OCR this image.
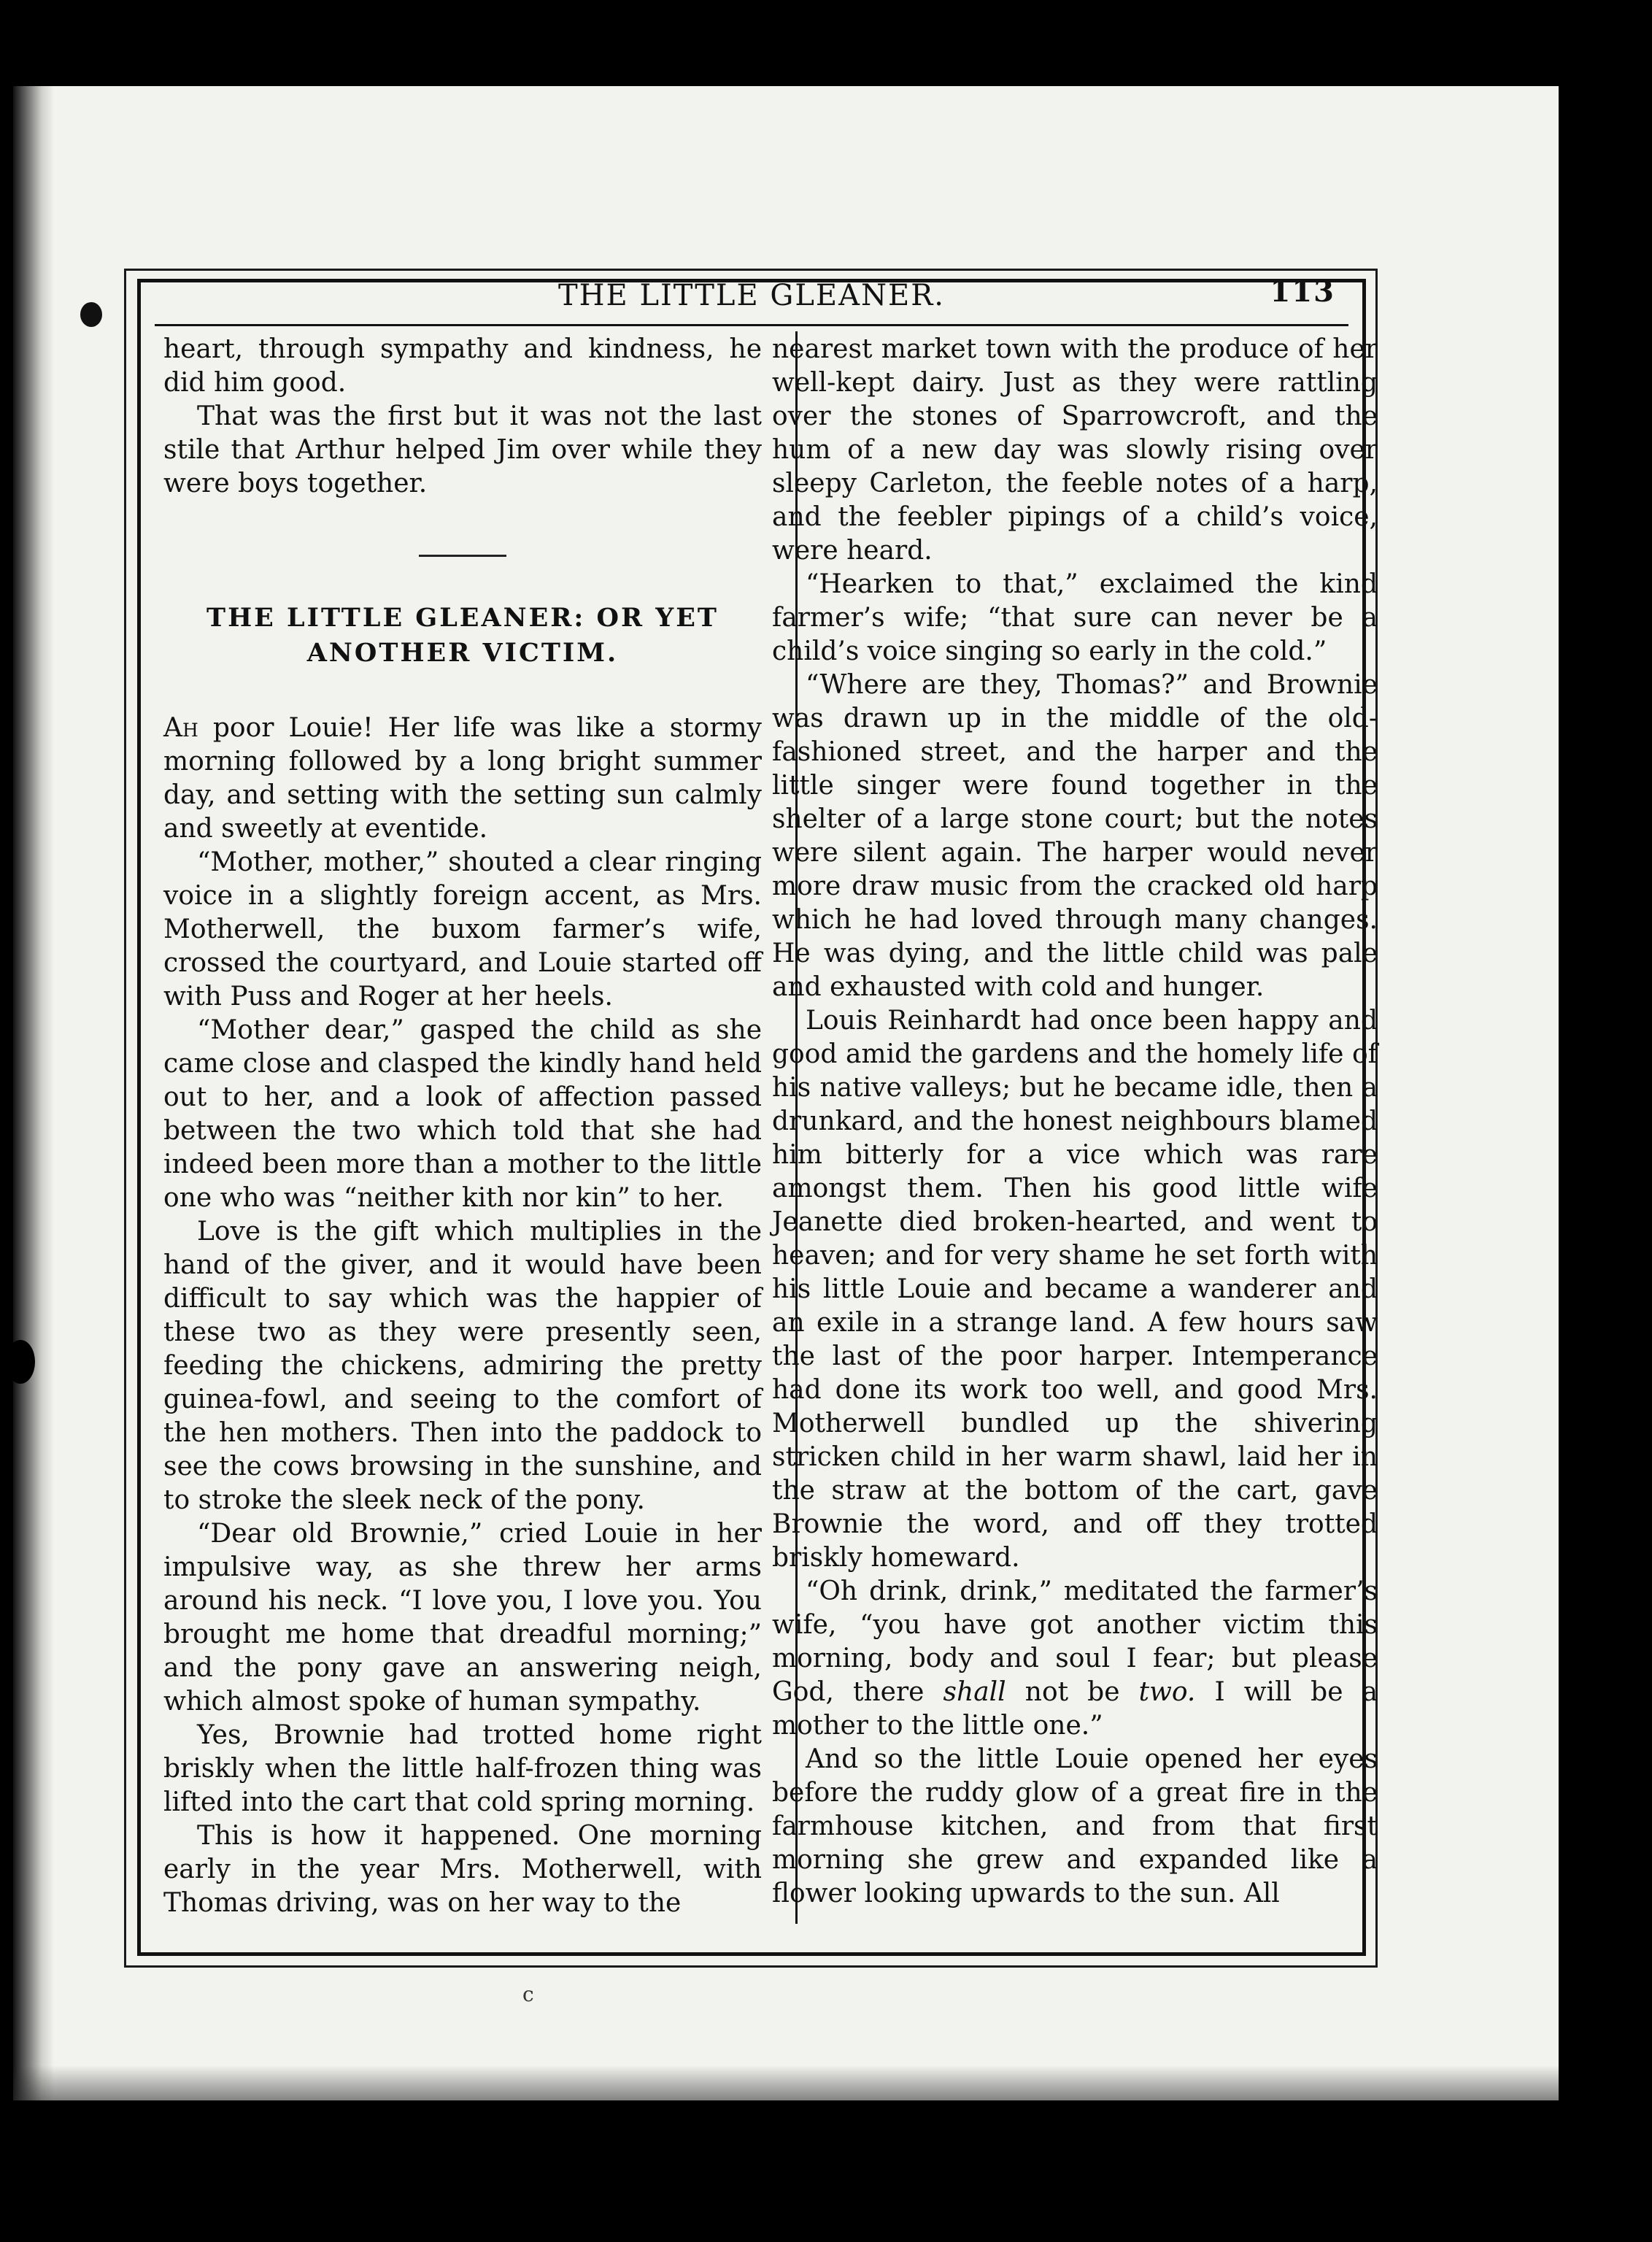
THE LITTLE GLEANER.	113

heart, through sympathy and kindness, he did him good.

That was the first but it was not the last stile that Arthur helped Jim over while they were boys together.

THE LITTLE GLEANER: OR YET ANOTHER VICTIM.

Ah poor Louie! Her life was like a stormy morning followed by a long bright summer day, and setting with the setting sun calmly and sweetly at eventide.

“Mother, mother,” shouted a clear ringing voice in a slightly foreign accent, as Mrs. Motherwell, the buxom farmer’s wife, crossed the courtyard, and Louie started off with Puss and Roger at her heels.

“Mother dear,” gasped the child as she came close and clasped the kindly hand held out to her, and a look of affection passed between the two which told that she had indeed been more than a mother to the little one who was “neither kith nor kin” to her.

Love is the gift which multiplies in the hand of the giver, and it would have been difficult to say which was the happier of these two as they were presently seen, feeding the chickens, admiring the pretty guinea-fowl, and seeing to the comfort of the hen mothers. Then into the paddock to see the cows browsing in the sunshine, and to stroke the sleek neck of the pony.

“Dear old Brownie,” cried Louie in her impulsive way, as she threw her arms around his neck. “I love you, I love you. You brought me home that dreadful morning;” and the pony gave an answering neigh, which almost spoke of human sympathy.

Yes, Brownie had trotted home right briskly when the little half-frozen thing was lifted into the cart that cold spring morning.

This is how it happened. One morning early in the year Mrs. Motherwell, with Thomas driving, was on her way to the

nearest market town with the produce of her well-kept dairy. Just as they were rattling over the stones of Sparrowcroft, and the hum of a new day was slowly rising over sleepy Carleton, the feeble notes of a harp, and the feebler pipings of a child’s voice, were heard.

“Hearken to that,” exclaimed the kind farmer’s wife; “that sure can never be a child’s voice singing so early in the cold.”

“Where are they, Thomas?” and Brownie was drawn up in the middle of the old-fashioned street, and the harper and the little singer were found together in the shelter of a large stone court; but the notes were silent again. The harper would never more draw music from the cracked old harp which he had loved through many changes. He was dying, and the little child was pale and exhausted with cold and hunger.

Louis Reinhardt had once been happy and good amid the gardens and the homely life of his native valleys; but he became idle, then a drunkard, and the honest neighbours blamed him bitterly for a vice which was rare amongst them. Then his good little wife Jeanette died broken-hearted, and went to heaven; and for very shame he set forth with his little Louie and became a wanderer and an exile in a strange land. A few hours saw the last of the poor harper. Intemperance had done its work too well, and good Mrs. Motherwell bundled up the shivering stricken child in her warm shawl, laid her in the straw at the bottom of the cart, gave Brownie the word, and off they trotted briskly homeward.

“Oh drink, drink,” meditated the farmer’s wife, “you have got another victim this morning, body and soul I fear; but please God, there shall not be two. I will be a mother to the little one.”

And so the little Louie opened her eyes before the ruddy glow of a great fire in the farmhouse kitchen, and from that first morning she grew and expanded like a flower looking upwards to the sun. All

c
